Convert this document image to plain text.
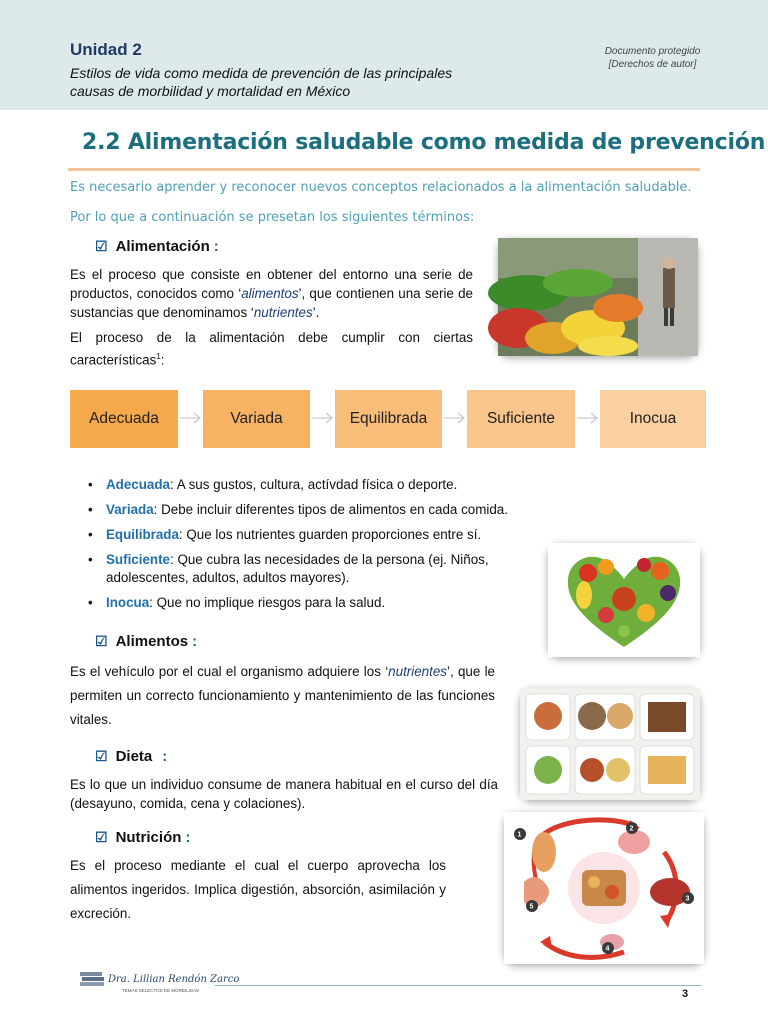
Unidad 2
Estilos de vida como medida de prevención de las principales causas de morbilidad y mortalidad en México
Documento protegido
[Derechos de autor]
2.2 Alimentación saludable como medida de prevención
Es necesario aprender y reconocer nuevos conceptos relacionados a la alimentación saludable.
Por lo que a continuación se presetan los siguientes términos:
☑ Alimentación :
Es el proceso que consiste en obtener del entorno una serie de productos, conocidos como ‘alimentos’, que contienen una serie de sustancias que denominamos ‘nutrientes’.
El proceso de la alimentación debe cumplir con ciertas características$^1$:
Adecuada	Variada	Equilibrada	Suficiente	Inocua
• Adecuada: A sus gustos, cultura, actívdad física o deporte.
• Variada: Debe incluir diferentes tipos de alimentos en cada comida.
• Equilibrada: Que los nutrientes guarden proporciones entre sí.
• Suficiente: Que cubra las necesidades de la persona (ej. Niños, adolescentes, adultos, adultos mayores).
• Inocua: Que no implique riesgos para la salud.
☑ Alimentos :
Es el vehículo por el cual el organismo adquiere los ‘nutrientes’, que le permiten un correcto funcionamiento y mantenimiento de las funciones vitales.
☑ Dieta :
Es lo que un individuo consume de manera habitual en el curso del día (desayuno, comida, cena y colaciones).
☑ Nutrición :
Es el proceso mediante el cual el cuerpo aprovecha los alimentos ingeridos. Implica digestión, absorción, asimilación y excreción.
1
2
3
4
5
Dra. Lillian Rendón Zarco
TEMAS SELECTOS DE MORBILIDAD	3
